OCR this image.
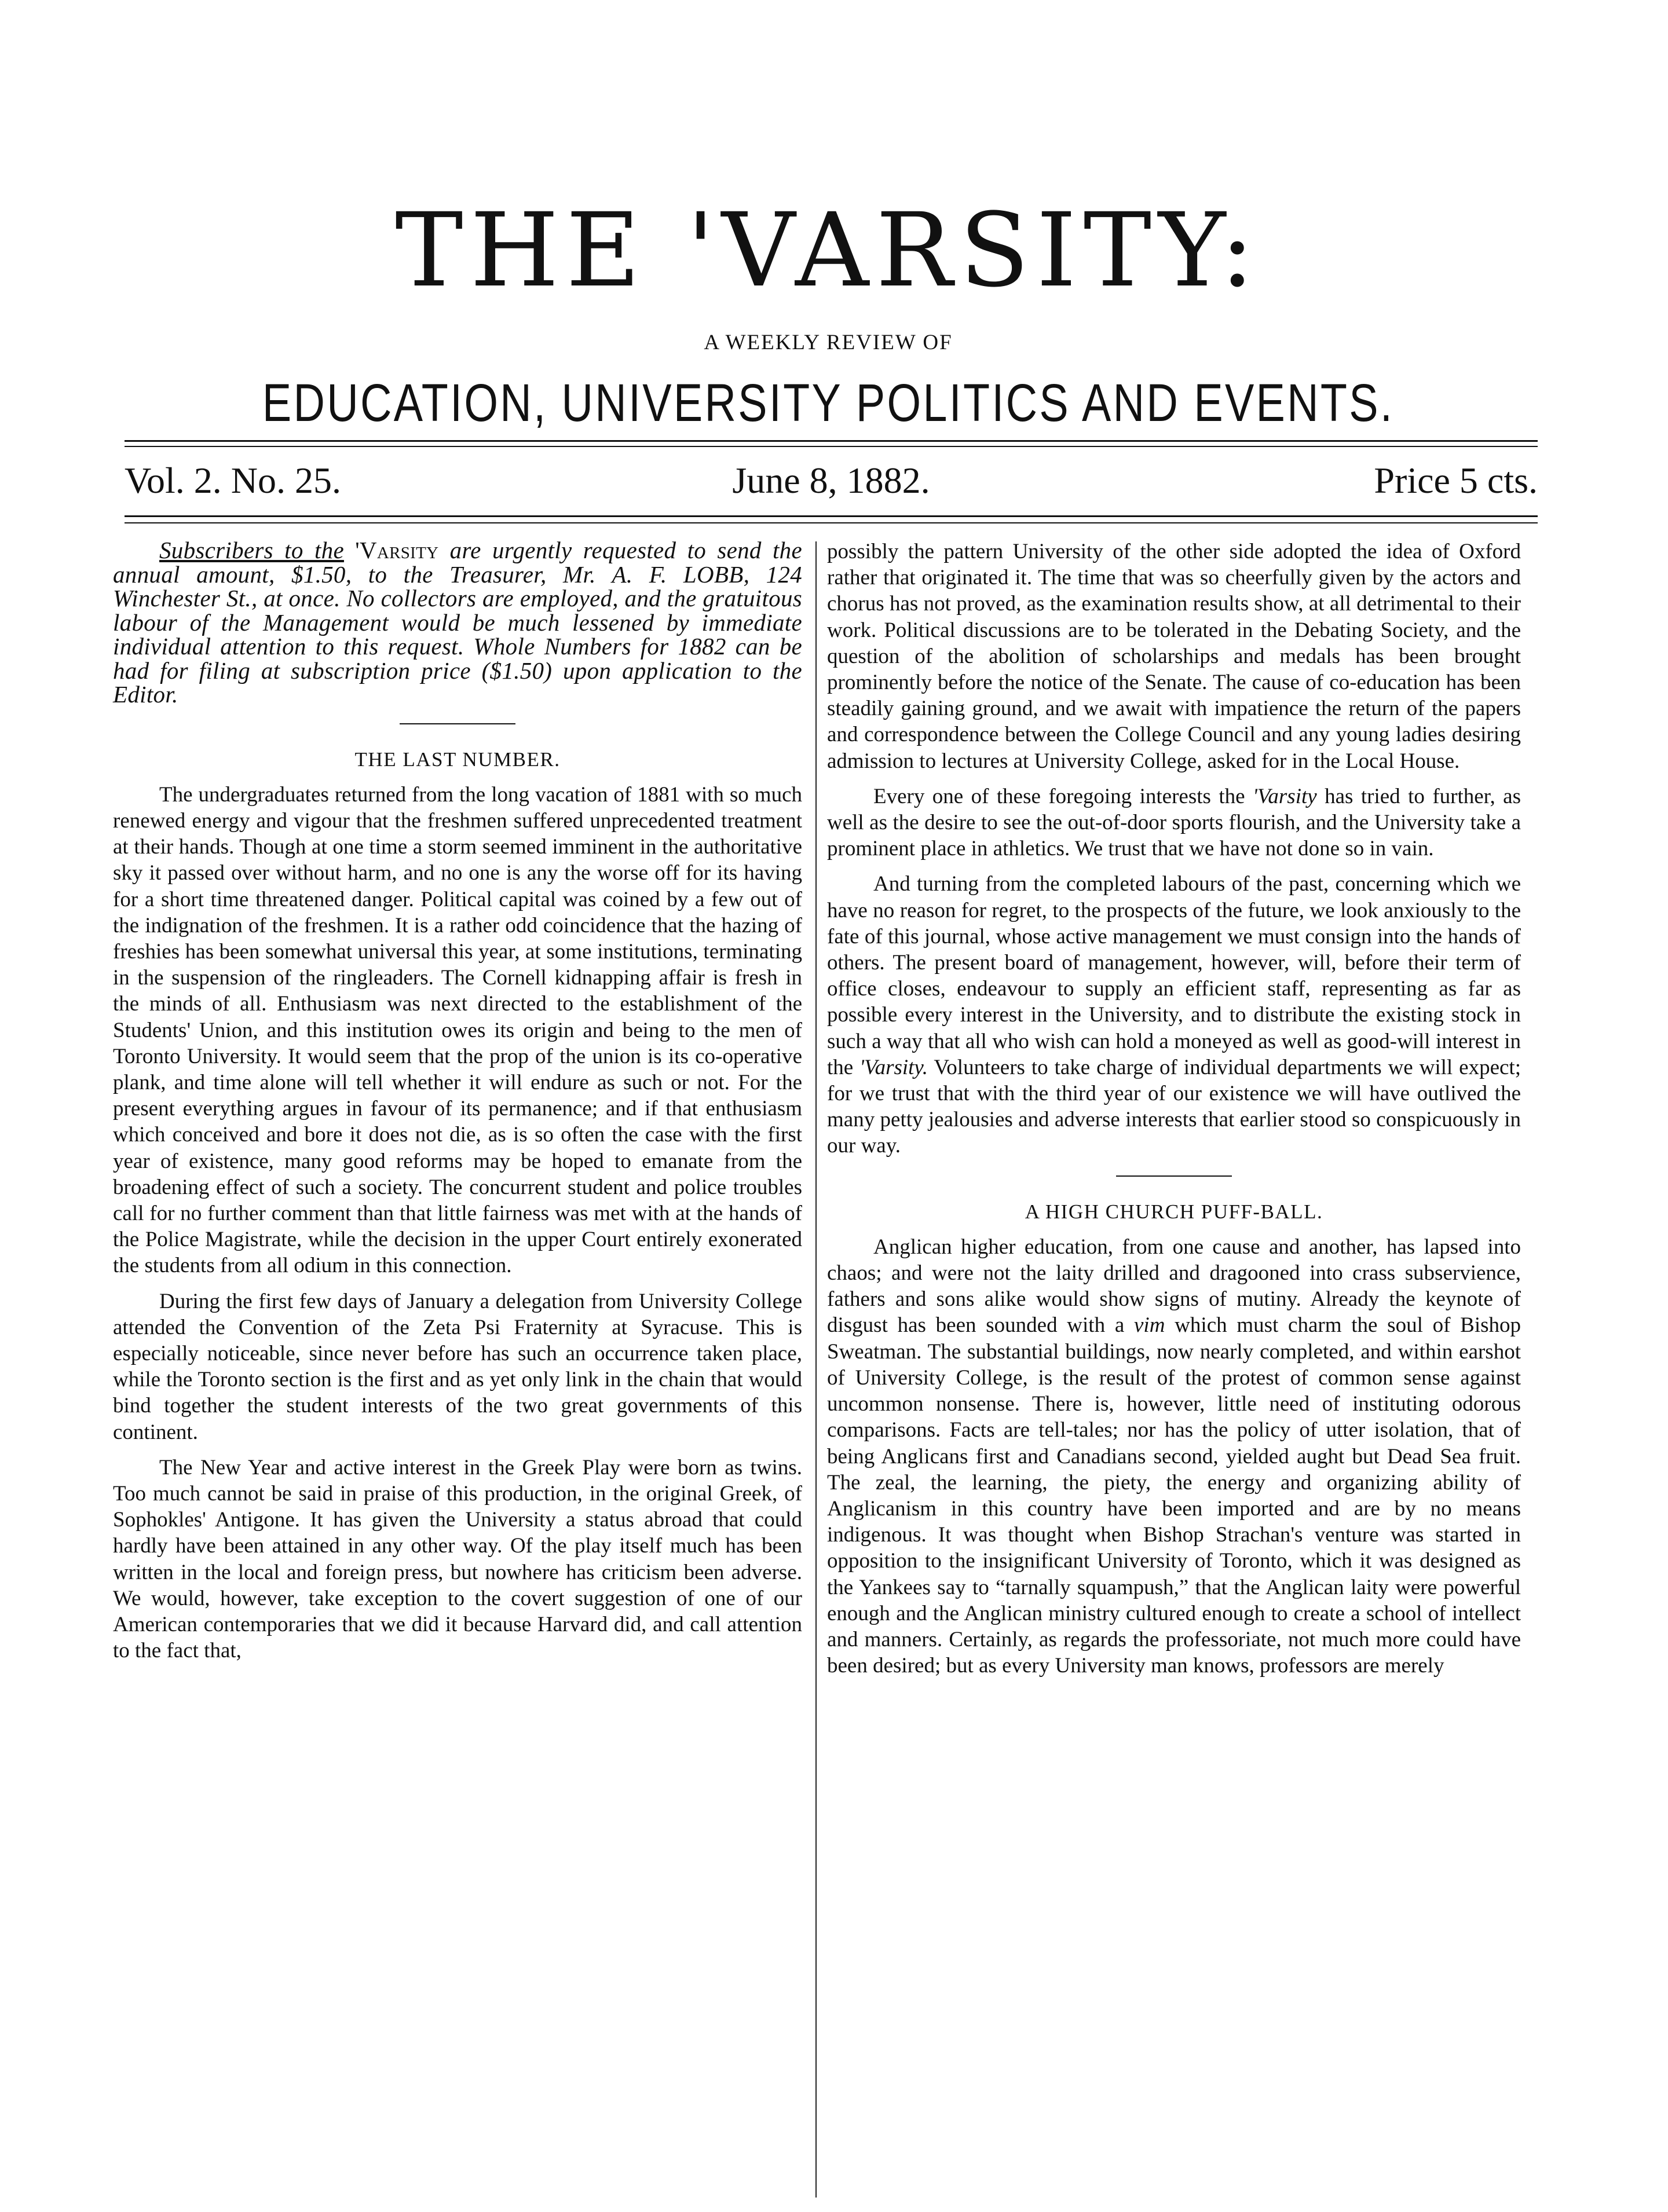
THE 'VARSITY:
A WEEKLY REVIEW OF
EDUCATION, UNIVERSITY POLITICS AND EVENTS.
Vol. 2. No. 25.	June 8, 1882.	Price 5 cts.

Subscribers to the 'Varsity are urgently requested to send the annual amount, $1.50, to the Treasurer, Mr. A. F. LOBB, 124 Winchester St., at once. No collectors are employed, and the gratuitous labour of the Management would be much lessened by immediate individual attention to this request. Whole Numbers for 1882 can be had for filing at subscription price ($1.50) upon application to the Editor.

THE LAST NUMBER.

The undergraduates returned from the long vacation of 1881 with so much renewed energy and vigour that the freshmen suffered unprecedented treatment at their hands. Though at one time a storm seemed imminent in the authoritative sky it passed over without harm, and no one is any the worse off for its having for a short time threatened danger. Political capital was coined by a few out of the indignation of the freshmen. It is a rather odd coincidence that the hazing of freshies has been somewhat universal this year, at some institutions, terminating in the suspension of the ringleaders. The Cornell kidnapping affair is fresh in the minds of all. Enthusiasm was next directed to the establishment of the Students' Union, and this institution owes its origin and being to the men of Toronto University. It would seem that the prop of the union is its co-operative plank, and time alone will tell whether it will endure as such or not. For the present everything argues in favour of its permanence; and if that enthusiasm which conceived and bore it does not die, as is so often the case with the first year of existence, many good reforms may be hoped to emanate from the broadening effect of such a society. The concurrent student and police troubles call for no further comment than that little fairness was met with at the hands of the Police Magistrate, while the decision in the upper Court entirely exonerated the students from all odium in this connection.

During the first few days of January a delegation from University College attended the Convention of the Zeta Psi Fraternity at Syracuse. This is especially noticeable, since never before has such an occurrence taken place, while the Toronto section is the first and as yet only link in the chain that would bind together the student interests of the two great governments of this continent.

The New Year and active interest in the Greek Play were born as twins. Too much cannot be said in praise of this production, in the original Greek, of Sophokles' Antigone. It has given the University a status abroad that could hardly have been attained in any other way. Of the play itself much has been written in the local and foreign press, but nowhere has criticism been adverse. We would, however, take exception to the covert suggestion of one of our American contemporaries that we did it because Harvard did, and call attention to the fact that,

possibly the pattern University of the other side adopted the idea of Oxford rather that originated it. The time that was so cheerfully given by the actors and chorus has not proved, as the examination results show, at all detrimental to their work. Political discussions are to be tolerated in the Debating Society, and the question of the abolition of scholarships and medals has been brought prominently before the notice of the Senate. The cause of co-education has been steadily gaining ground, and we await with impatience the return of the papers and correspondence between the College Council and any young ladies desiring admission to lectures at University College, asked for in the Local House.

Every one of these foregoing interests the 'Varsity has tried to further, as well as the desire to see the out-of-door sports flourish, and the University take a prominent place in athletics. We trust that we have not done so in vain.

And turning from the completed labours of the past, concerning which we have no reason for regret, to the prospects of the future, we look anxiously to the fate of this journal, whose active management we must consign into the hands of others. The present board of management, however, will, before their term of office closes, endeavour to supply an efficient staff, representing as far as possible every interest in the University, and to distribute the existing stock in such a way that all who wish can hold a moneyed as well as good-will interest in the 'Varsity. Volunteers to take charge of individual departments we will expect; for we trust that with the third year of our existence we will have outlived the many petty jealousies and adverse interests that earlier stood so conspicuously in our way.

A HIGH CHURCH PUFF-BALL.

Anglican higher education, from one cause and another, has lapsed into chaos; and were not the laity drilled and dragooned into crass subservience, fathers and sons alike would show signs of mutiny. Already the keynote of disgust has been sounded with a vim which must charm the soul of Bishop Sweatman. The substantial buildings, now nearly completed, and within earshot of University College, is the result of the protest of common sense against uncommon nonsense. There is, however, little need of instituting odorous comparisons. Facts are tell-tales; nor has the policy of utter isolation, that of being Anglicans first and Canadians second, yielded aught but Dead Sea fruit. The zeal, the learning, the piety, the energy and organizing ability of Anglicanism in this country have been imported and are by no means indigenous. It was thought when Bishop Strachan's venture was started in opposition to the insignificant University of Toronto, which it was designed as the Yankees say to “tarnally squampush,” that the Anglican laity were powerful enough and the Anglican ministry cultured enough to create a school of intellect and manners. Certainly, as regards the professoriate, not much more could have been desired; but as every University man knows, professors are merely
